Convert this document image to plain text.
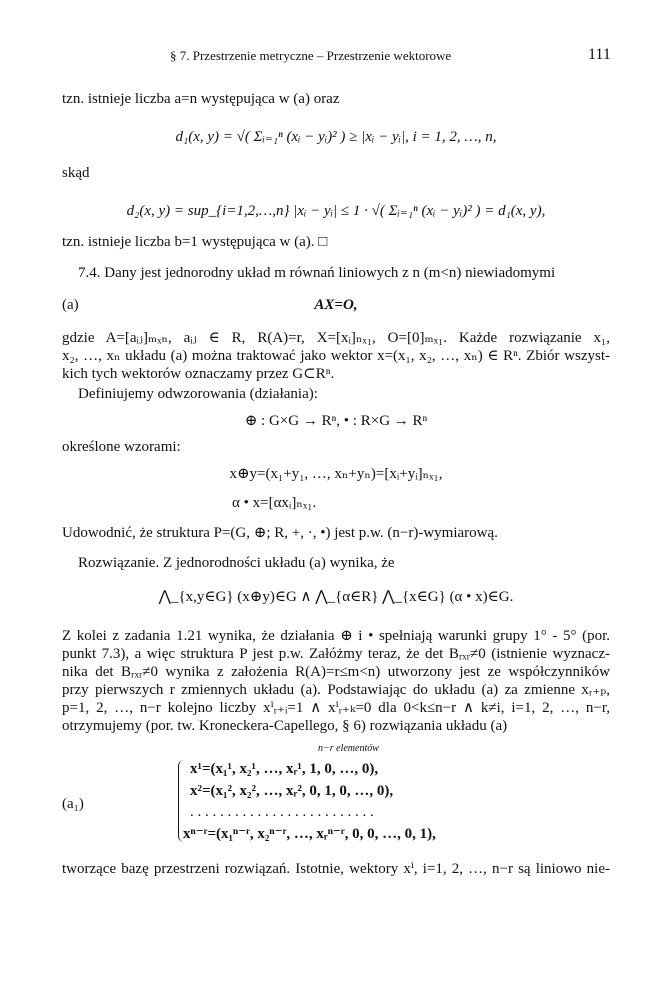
§ 7. Przestrzenie metryczne – Przestrzenie wektorowe	111
tzn. istnieje liczba a=n występująca w (a) oraz
d₁(x, y) = √( Σᵢ₌₁ⁿ (xᵢ − yᵢ)² ) ≥ |xᵢ − yᵢ|, i = 1, 2, …, n,
skąd
d₂(x, y) = sup_{i=1,2,…,n} |xᵢ − yᵢ| ≤ 1 · √( Σᵢ₌₁ⁿ (xᵢ − yᵢ)² ) = d₁(x, y),
tzn. istnieje liczba b=1 występująca w (a). □
7.4. Dany jest jednorodny układ m równań liniowych z n (m<n) niewiadomymi
(a)	AX=O,
gdzie A=[aᵢⱼ]ₘₓₙ, aᵢⱼ ∈ R, R(A)=r, X=[xᵢ]ₙₓ₁, O=[0]ₘₓ₁. Każde rozwiązanie x₁,
x₂, …, xₙ układu (a) można traktować jako wektor x=(x₁, x₂, …, xₙ) ∈ Rⁿ. Zbiór wszyst-
kich tych wektorów oznaczamy przez G⊂Rⁿ.
Definiujemy odwzorowania (działania):
⊕ : G×G → Rⁿ, • : R×G → Rⁿ
określone wzorami:
x⊕y=(x₁+y₁, …, xₙ+yₙ)=[xᵢ+yᵢ]ₙₓ₁,
α • x=[αxᵢ]ₙₓ₁.
Udowodnić, że struktura P=(G, ⊕; R, +, ·, •) jest p.w. (n−r)-wymiarową.
Rozwiązanie. Z jednorodności układu (a) wynika, że
⋀_{x,y∈G} (x⊕y)∈G ∧ ⋀_{α∈R} ⋀_{x∈G} (α • x)∈G.
Z kolei z zadania 1.21 wynika, że działania ⊕ i • spełniają warunki grupy 1° - 5° (por.
punkt 7.3), a więc struktura P jest p.w. Załóżmy teraz, że det Bᵣₓᵣ≠0 (istnienie wyznacz-
nika det Bᵣₓᵣ≠0 wynika z założenia R(A)=r≤m<n) utworzony jest ze współczynników
przy pierwszych r zmiennych układu (a). Podstawiając do układu (a) za zmienne xᵣ₊ₚ,
p=1, 2, …, n−r kolejno liczby xⁱᵣ₊ᵢ=1 ∧ xⁱᵣ₊ₖ=0 dla 0<k≤n−r ∧ k≠i, i=1, 2, …, n−r,
otrzymujemy (por. tw. Kroneckera-Capellego, § 6) rozwiązania układu (a)
n−r elementów
(a₁)
x¹=(x₁¹, x₂¹, …, xᵣ¹, 1, 0, …, 0),
x²=(x₁², x₂², …, xᵣ², 0, 1, 0, …, 0),
. . . . . . . . . . . . . . . . . . . . . . . . .
xⁿ⁻ʳ=(x₁ⁿ⁻ʳ, x₂ⁿ⁻ʳ, …, xᵣⁿ⁻ʳ, 0, 0, …, 0, 1),
tworzące bazę przestrzeni rozwiązań. Istotnie, wektory xⁱ, i=1, 2, …, n−r są liniowo nie-
